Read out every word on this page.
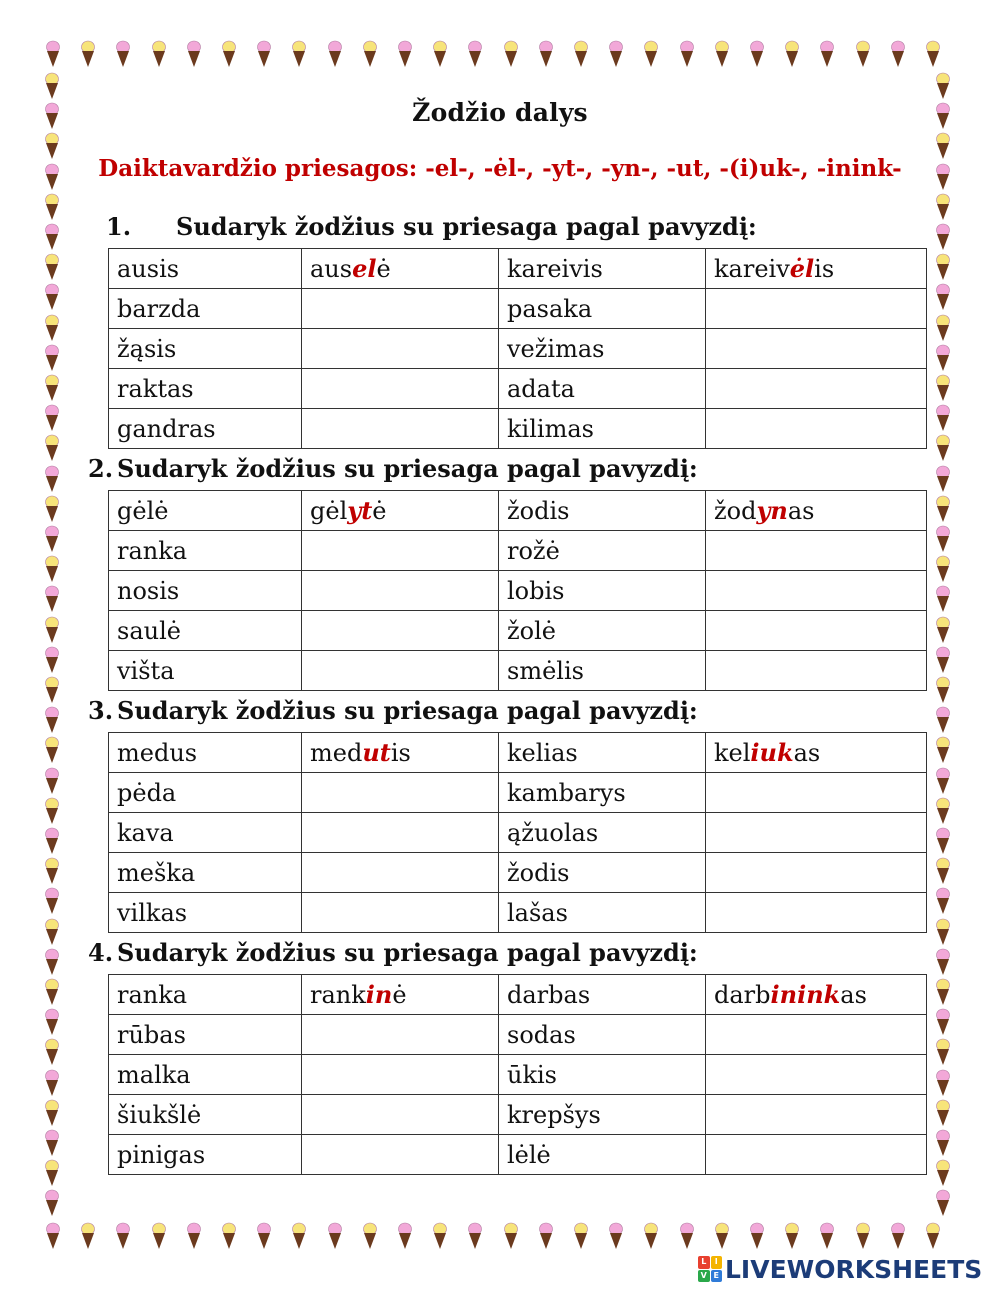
Žodžio dalys
Daiktavardžio priesagos: -el-, -ėl-, -yt-, -yn-, -ut, -(i)uk-, -inink-
1. Sudaryk žodžius su priesaga pagal pavyzdį:
ausis	auselė	kareivis	kareivėlis
barzda		pasaka	
žąsis		vežimas	
raktas		adata	
gandras		kilimas	
2. Sudaryk žodžius su priesaga pagal pavyzdį:
gėlė	gėlytė	žodis	žodynas
ranka		rožė	
nosis		lobis	
saulė		žolė	
višta		smėlis	
3. Sudaryk žodžius su priesaga pagal pavyzdį:
medus	medutis	kelias	keliukas
pėda		kambarys	
kava		ąžuolas	
meška		žodis	
vilkas		lašas	
4. Sudaryk žodžius su priesaga pagal pavyzdį:
ranka	rankinė	darbas	darbininkas
rūbas		sodas	
malka		ūkis	
šiukšlė		krepšys	
pinigas		lėlė	
L	I
V E LIVEWORKSHEETS
